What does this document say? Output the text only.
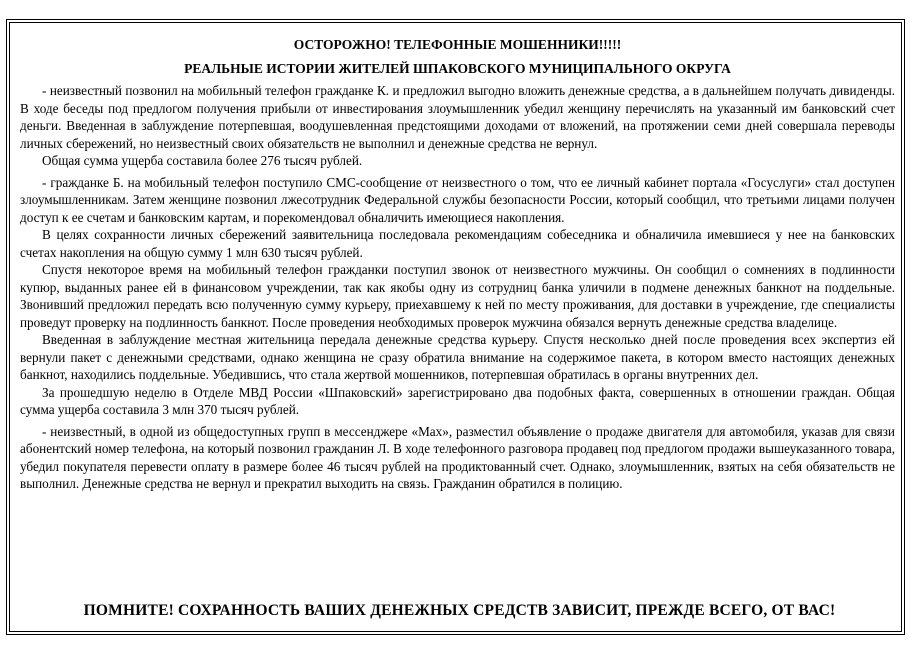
ОСТОРОЖНО! ТЕЛЕФОННЫЕ МОШЕННИКИ!!!!!

РЕАЛЬНЫЕ ИСТОРИИ ЖИТЕЛЕЙ ШПАКОВСКОГО МУНИЦИПАЛЬНОГО ОКРУГА

- неизвестный позвонил на мобильный телефон гражданке К. и предложил выгодно вложить денежные средства, а в дальнейшем получать дивиденды. В ходе беседы под предлогом получения прибыли от инвестирования злоумышленник убедил женщину перечислять на указанный им банковский счет деньги. Введенная в заблуждение потерпевшая, воодушевленная предстоящими доходами от вложений, на протяжении семи дней совершала переводы личных сбережений, но неизвестный своих обязательств не выполнил и денежные средства не вернул.

Общая сумма ущерба составила более 276 тысяч рублей.

- гражданке Б. на мобильный телефон поступило СМС-сообщение от неизвестного о том, что ее личный кабинет портала «Госуслуги» стал доступен злоумышленникам. Затем женщине позвонил лжесотрудник Федеральной службы безопасности России, который сообщил, что третьими лицами получен доступ к ее счетам и банковским картам, и порекомендовал обналичить имеющиеся накопления.

В целях сохранности личных сбережений заявительница последовала рекомендациям собеседника и обналичила имевшиеся у нее на банковских счетах накопления на общую сумму 1 млн 630 тысяч рублей.

Спустя некоторое время на мобильный телефон гражданки поступил звонок от неизвестного мужчины. Он сообщил о сомнениях в подлинности купюр, выданных ранее ей в финансовом учреждении, так как якобы одну из сотрудниц банка уличили в подмене денежных банкнот на поддельные. Звонивший предложил передать всю полученную сумму курьеру, приехавшему к ней по месту проживания, для доставки в учреждение, где специалисты проведут проверку на подлинность банкнот. После проведения необходимых проверок мужчина обязался вернуть денежные средства владелице.

Введенная в заблуждение местная жительница передала денежные средства курьеру. Спустя несколько дней после проведения всех экспертиз ей вернули пакет с денежными средствами, однако женщина не сразу обратила внимание на содержимое пакета, в котором вместо настоящих денежных банкнот, находились поддельные. Убедившись, что стала жертвой мошенников, потерпевшая обратилась в органы внутренних дел.

За прошедшую неделю в Отделе МВД России «Шпаковский» зарегистрировано два подобных факта, совершенных в отношении граждан. Общая сумма ущерба составила 3 млн 370 тысяч рублей.

- неизвестный, в одной из общедоступных групп в мессенджере «Max», разместил объявление о продаже двигателя для автомобиля, указав для связи абонентский номер телефона, на который позвонил гражданин Л. В ходе телефонного разговора продавец под предлогом продажи вышеуказанного товара, убедил покупателя перевести оплату в размере более 46 тысяч рублей на продиктованный счет. Однако, злоумышленник, взятых на себя обязательств не выполнил. Денежные средства не вернул и прекратил выходить на связь. Гражданин обратился в полицию.

ПОМНИТЕ! СОХРАННОСТЬ ВАШИХ ДЕНЕЖНЫХ СРЕДСТВ ЗАВИСИТ, ПРЕЖДЕ ВСЕГО, ОТ ВАС!
